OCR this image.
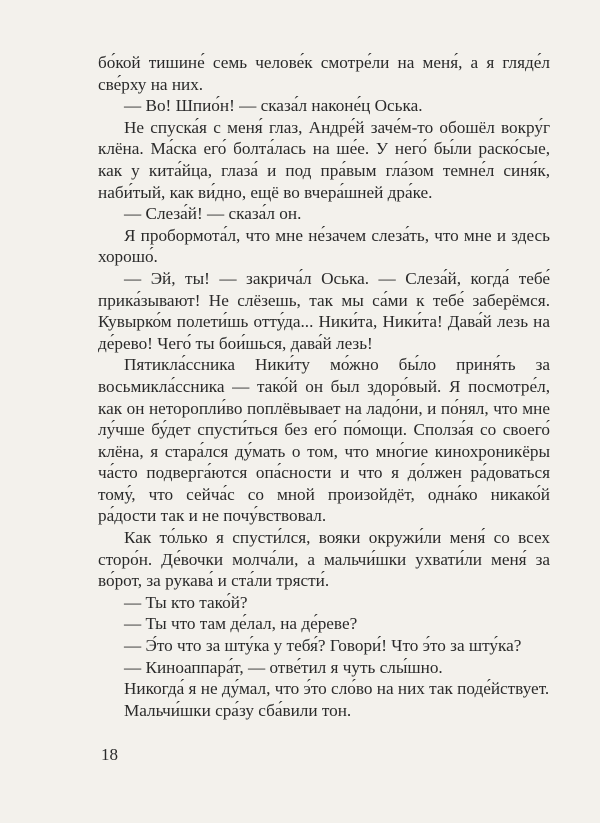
бо́кой тишине́ семь челове́к смотре́ли на меня́, а я гляде́л све́рху на них.

— Во! Шпио́н! — сказа́л наконе́ц Оська.

Не спуска́я с меня́ глаз, Андре́й заче́м-то обошёл вокру́г клёна. Ма́ска его́ болта́лась на ше́е. У него́ бы́ли раско́сые, как у кита́йца, глаза́ и под пра́вым гла́зом темне́л синя́к, наби́тый, как ви́дно, ещё во вчера́шней дра́ке.

— Слеза́й! — сказа́л он.

Я пробормота́л, что мне не́зачем слеза́ть, что мне и здесь хорошо́.

— Эй, ты! — закрича́л Оська. — Слеза́й, когда́ тебе́ прика́зывают! Не слёзешь, так мы са́ми к тебе́ заберёмся. Кувырко́м полети́шь отту́да... Ники́та, Ники́та! Дава́й лезь на де́рево! Чего́ ты бои́шься, дава́й лезь!

Пятикла́ссника Ники́ту мо́жно бы́ло приня́ть за восьмикла́ссника — тако́й он был здоро́вый. Я посмотре́л, как он неторопли́во поплёвывает на ладо́ни, и по́нял, что мне лу́чше бу́дет спусти́ться без его́ по́мощи. Сполза́я со своего́ клёна, я стара́лся ду́мать о том, что мно́гие кинохроникёры ча́сто подверга́ются опа́сности и что я до́лжен ра́доваться тому́, что сейча́с со мной произойдёт, одна́ко никако́й ра́дости так и не почу́вствовал.

Как то́лько я спусти́лся, вояки окружи́ли меня́ со всех сторо́н. Де́вочки молча́ли, а мальчи́шки ухвати́ли меня́ за во́рот, за рукава́ и ста́ли трясти́.

— Ты кто тако́й?

— Ты что там де́лал, на де́реве?

— Э́то что за шту́ка у тебя́? Говори́! Что э́то за шту́ка?

— Киноаппара́т, — отве́тил я чуть слы́шно.

Никогда́ я не ду́мал, что э́то сло́во на них так поде́йствует.

Мальчи́шки сра́зу сба́вили тон.

18
